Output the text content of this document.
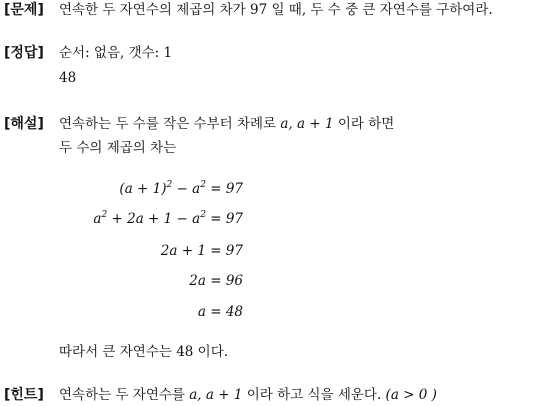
[문제] 연속한 두 자연수의 제곱의 차가 97 일 때, 두 수 중 큰 자연수를 구하여라.
[정답] 순서: 없음, 갯수: 1
48
[해설] 연속하는 두 수를 작은 수부터 차례로 a, a + 1 이라 하면
두 수의 제곱의 차는
$(a + 1)^2 - a^2 = 97$
$a^2 + 2a + 1 - a^2 = 97$
2a + 1 = 97
2a = 96
a = 48
따라서 큰 자연수는 48 이다.
[힌트] 연속하는 두 자연수를 a, a + 1 이라 하고 식을 세운다. (a > 0 )
